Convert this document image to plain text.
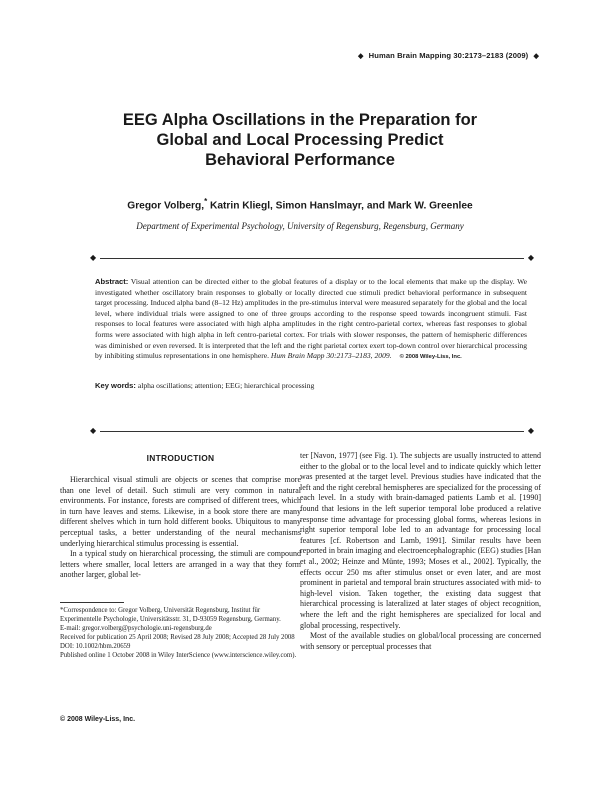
◆ Human Brain Mapping 30:2173–2183 (2009) ◆
EEG Alpha Oscillations in the Preparation for
Global and Local Processing Predict
Behavioral Performance
Gregor Volberg,* Katrin Kliegl, Simon Hanslmayr, and Mark W. Greenlee
Department of Experimental Psychology, University of Regensburg, Regensburg, Germany
◆	◆
Abstract: Visual attention can be directed either to the global features of a display or to the local elements that make up the display. We investigated whether oscillatory brain responses to globally or locally directed cue stimuli predict behavioral performance in subsequent target processing. Induced alpha band (8–12 Hz) amplitudes in the pre-stimulus interval were measured separately for the global and the local level, where individual trials were assigned to one of three groups according to the response speed towards incongruent stimuli. Fast responses to local features were associated with high alpha amplitudes in the right centro-parietal cortex, whereas fast responses to global forms were associated with high alpha in left centro-parietal cortex. For trials with slower responses, the pattern of hemispheric differences was diminished or even reversed. It is interpreted that the left and the right parietal cortex exert top-down control over hierarchical processing by inhibiting stimulus representations in one hemisphere. Hum Brain Mapp 30:2173–2183, 2009. © 2008 Wiley-Liss, Inc.
Key words: alpha oscillations; attention; EEG; hierarchical processing
◆	◆
INTRODUCTION

Hierarchical visual stimuli are objects or scenes that comprise more than one level of detail. Such stimuli are very common in natural environments. For instance, forests are comprised of different trees, which in turn have leaves and stems. Likewise, in a book store there are many different shelves which in turn hold different books. Ubiquitous to many perceptual tasks, a better understanding of the neural mechanisms underlying hierarchical stimulus processing is essential.

In a typical study on hierarchical processing, the stimuli are compound letters where smaller, local letters are arranged in a way that they form another larger, global let-

*Correspondence to: Gregor Volberg, Universität Regensburg, Institut für Experimentelle Psychologie, Universitätsstr. 31, D-93059 Regensburg, Germany.
E-mail: gregor.volberg@psychologie.uni-regensburg.de
Received for publication 25 April 2008; Revised 28 July 2008; Accepted 28 July 2008
DOI: 10.1002/hbm.20659
Published online 1 October 2008 in Wiley InterScience (www.interscience.wiley.com).
© 2008 Wiley-Liss, Inc.

ter [Navon, 1977] (see Fig. 1). The subjects are usually instructed to attend either to the global or to the local level and to indicate quickly which letter was presented at the target level. Previous studies have indicated that the left and the right cerebral hemispheres are specialized for the processing of each level. In a study with brain-damaged patients Lamb et al. [1990] found that lesions in the left superior temporal lobe produced a relative response time advantage for processing global forms, whereas lesions in right superior temporal lobe led to an advantage for processing local features [cf. Robertson and Lamb, 1991]. Similar results have been reported in brain imaging and electroencephalographic (EEG) studies [Han et al., 2002; Heinze and Münte, 1993; Moses et al., 2002]. Typically, the effects occur 250 ms after stimulus onset or even later, and are most prominent in parietal and temporal brain structures associated with mid- to high-level vision. Taken together, the existing data suggest that hierarchical processing is lateralized at later stages of object recognition, where the left and the right hemispheres are specialized for local and global processing, respectively.

Most of the available studies on global/local processing are concerned with sensory or perceptual processes that
